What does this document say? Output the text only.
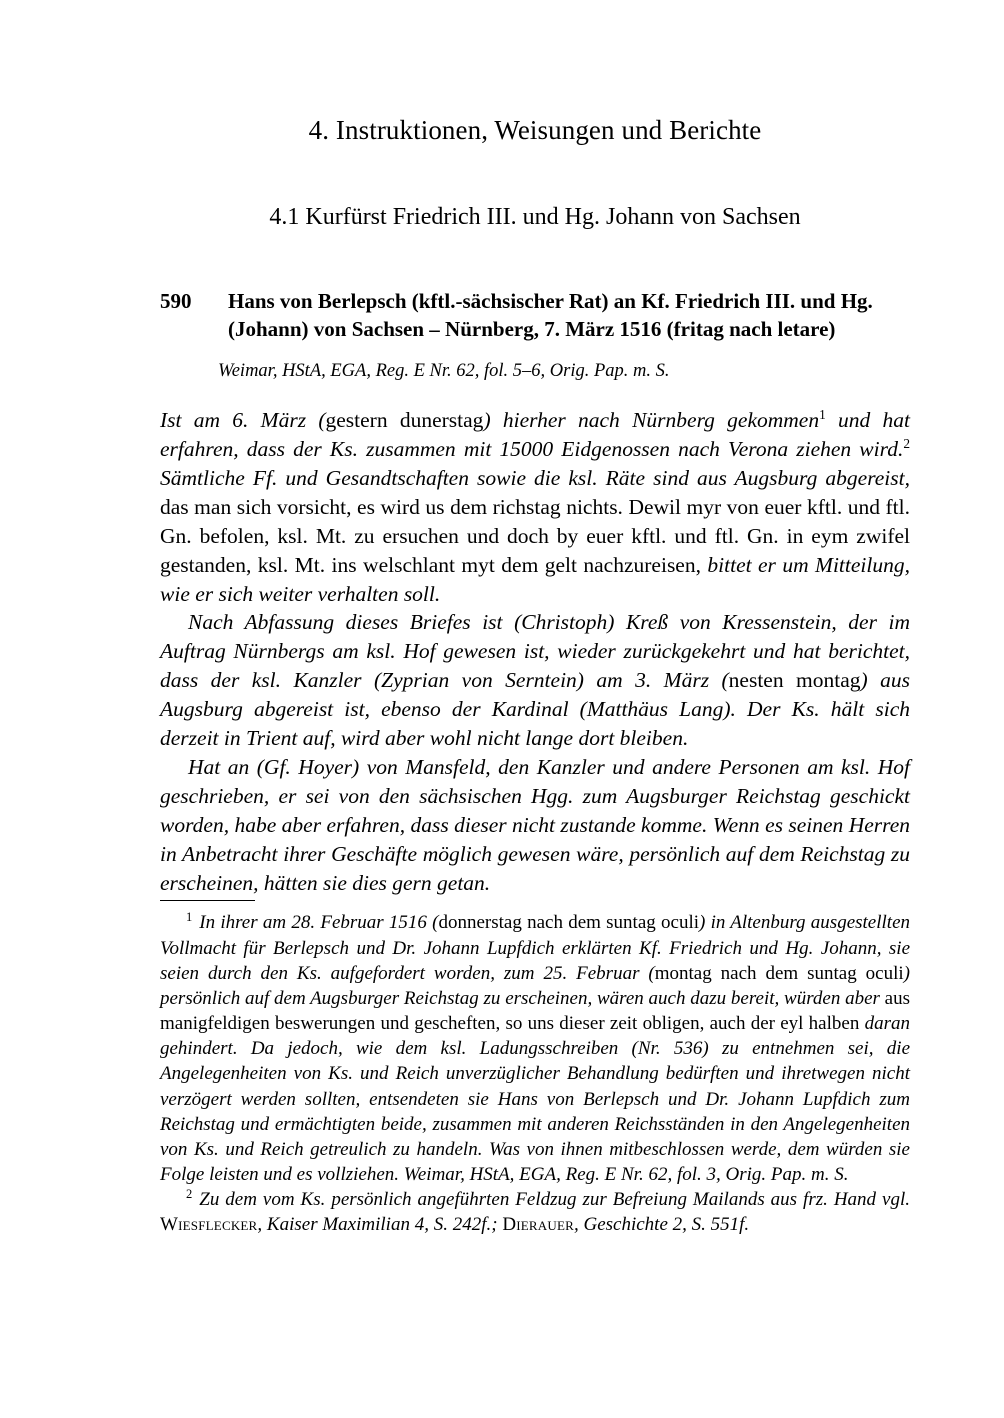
4. Instruktionen, Weisungen und Berichte
4.1 Kurfürst Friedrich III. und Hg. Johann von Sachsen
590 Hans von Berlepsch (kftl.-sächsischer Rat) an Kf. Friedrich III. und Hg. (Johann) von Sachsen – Nürnberg, 7. März 1516 (fritag nach letare)
Weimar, HStA, EGA, Reg. E Nr. 62, fol. 5–6, Orig. Pap. m. S.

Ist am 6. März (gestern dunerstag) hierher nach Nürnberg gekommen$^1$ und hat erfahren, dass der Ks. zusammen mit 15000 Eidgenossen nach Verona ziehen wird.$^2$ Sämtliche Ff. und Gesandtschaften sowie die ksl. Räte sind aus Augsburg abgereist, das man sich vorsicht, es wird us dem richstag nichts. Dewil myr von euer kftl. und ftl. Gn. befolen, ksl. Mt. zu ersuchen und doch by euer kftl. und ftl. Gn. in eym zwifel gestanden, ksl. Mt. ins welschlant myt dem gelt nachzureisen, bittet er um Mitteilung, wie er sich weiter verhalten soll.

Nach Abfassung dieses Briefes ist (Christoph) Kreß von Kressenstein, der im Auftrag Nürnbergs am ksl. Hof gewesen ist, wieder zurückgekehrt und hat berichtet, dass der ksl. Kanzler (Zyprian von Serntein) am 3. März (nesten montag) aus Augsburg abgereist ist, ebenso der Kardinal (Matthäus Lang). Der Ks. hält sich derzeit in Trient auf, wird aber wohl nicht lange dort bleiben.

Hat an (Gf. Hoyer) von Mansfeld, den Kanzler und andere Personen am ksl. Hof geschrieben, er sei von den sächsischen Hgg. zum Augsburger Reichstag geschickt worden, habe aber erfahren, dass dieser nicht zustande komme. Wenn es seinen Herren in Anbetracht ihrer Geschäfte möglich gewesen wäre, persönlich auf dem Reichstag zu erscheinen, hätten sie dies gern getan.

$^1$ In ihrer am 28. Februar 1516 (donnerstag nach dem suntag oculi) in Altenburg ausgestellten Vollmacht für Berlepsch und Dr. Johann Lupfdich erklärten Kf. Friedrich und Hg. Johann, sie seien durch den Ks. aufgefordert worden, zum 25. Februar (montag nach dem suntag oculi) persönlich auf dem Augsburger Reichstag zu erscheinen, wären auch dazu bereit, würden aber aus manigfeldigen beswerungen und gescheften, so uns dieser zeit obligen, auch der eyl halben daran gehindert. Da jedoch, wie dem ksl. Ladungsschreiben (Nr. 536) zu entnehmen sei, die Angelegenheiten von Ks. und Reich unverzüglicher Behandlung bedürften und ihretwegen nicht verzögert werden sollten, entsendeten sie Hans von Berlepsch und Dr. Johann Lupfdich zum Reichstag und ermächtigten beide, zusammen mit anderen Reichsständen in den Angelegenheiten von Ks. und Reich getreulich zu handeln. Was von ihnen mitbeschlossen werde, dem würden sie Folge leisten und es vollziehen. Weimar, HStA, EGA, Reg. E Nr. 62, fol. 3, Orig. Pap. m. S.

$^2$ Zu dem vom Ks. persönlich angeführten Feldzug zur Befreiung Mailands aus frz. Hand vgl. Wiesflecker, Kaiser Maximilian 4, S. 242f.; Dierauer, Geschichte 2, S. 551f.
